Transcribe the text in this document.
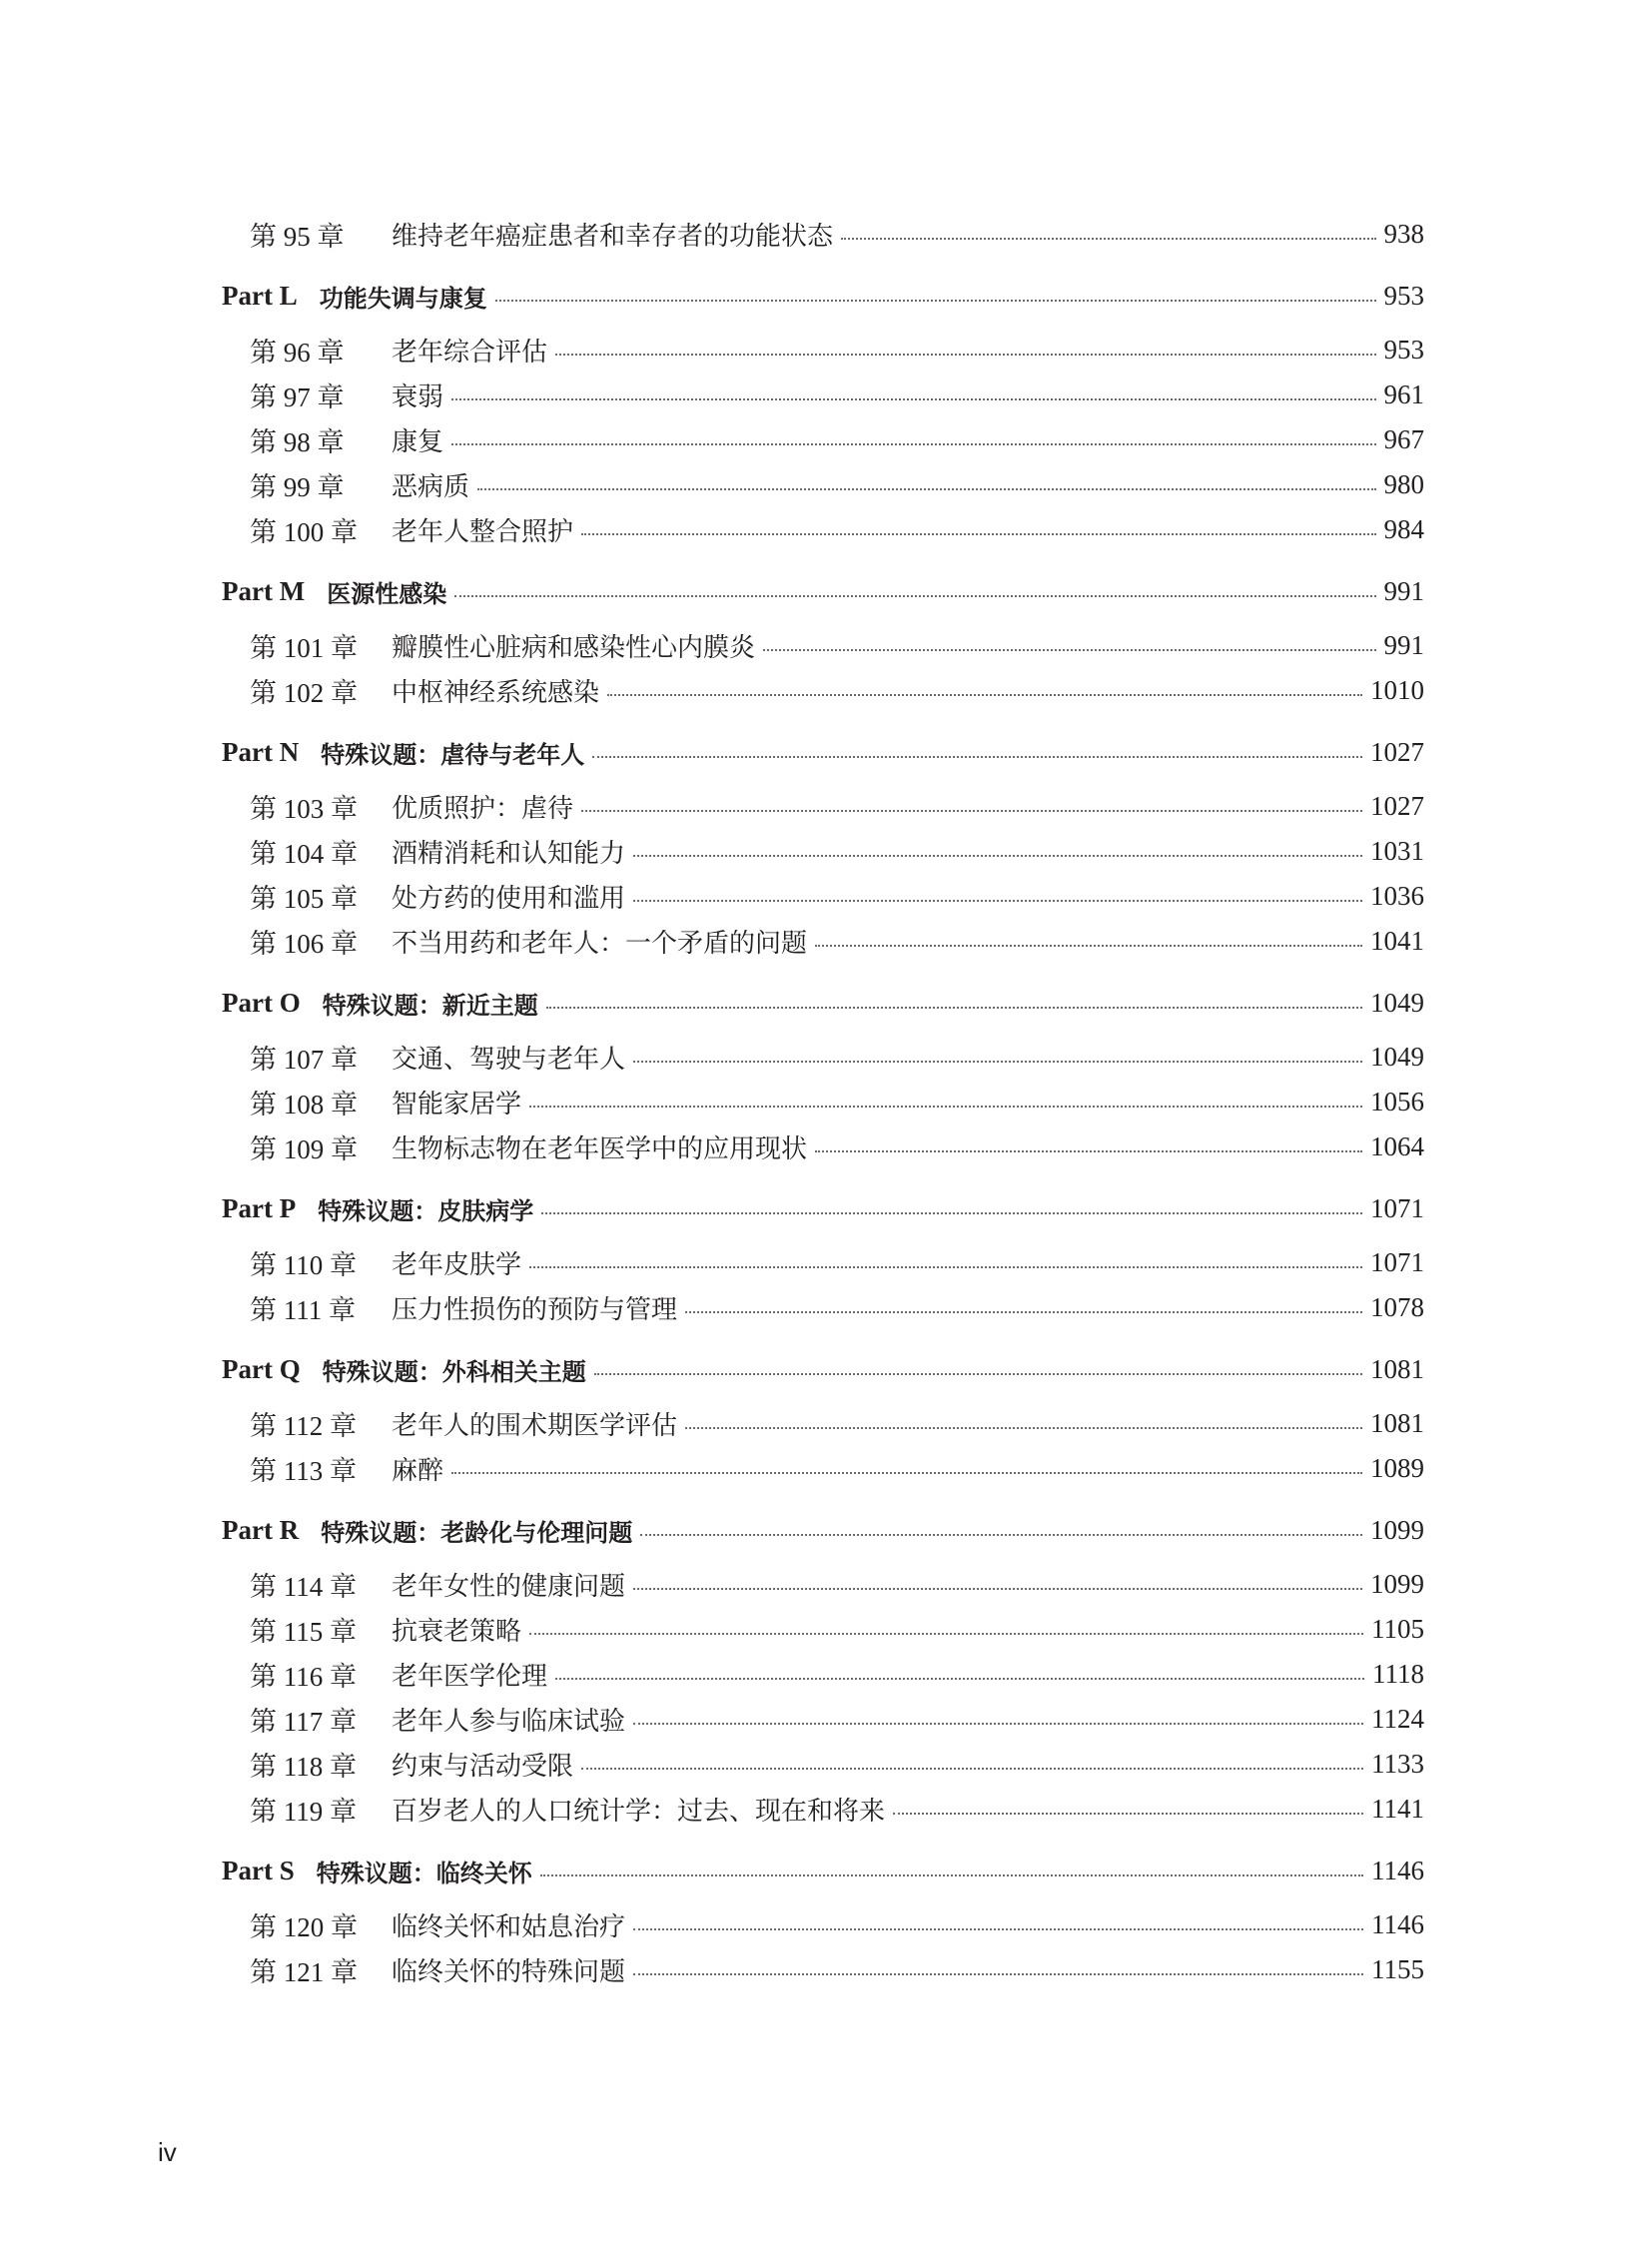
第 95 章	维持老年癌症患者和幸存者的功能状态	938
Part L 功能失调与康复	953
第 96 章	老年综合评估	953
第 97 章	衰弱	961
第 98 章	康复	967
第 99 章	恶病质	980
第 100 章	老年人整合照护	984
Part M 医源性感染	991
第 101 章	瓣膜性心脏病和感染性心内膜炎	991
第 102 章	中枢神经系统感染	1010
Part N 特殊议题：虐待与老年人	1027
第 103 章	优质照护：虐待	1027
第 104 章	酒精消耗和认知能力	1031
第 105 章	处方药的使用和滥用	1036
第 106 章	不当用药和老年人：一个矛盾的问题	1041
Part O 特殊议题：新近主题	1049
第 107 章	交通、驾驶与老年人	1049
第 108 章	智能家居学	1056
第 109 章	生物标志物在老年医学中的应用现状	1064
Part P 特殊议题：皮肤病学	1071
第 110 章	老年皮肤学	1071
第 111 章	压力性损伤的预防与管理	1078
Part Q 特殊议题：外科相关主题	1081
第 112 章	老年人的围术期医学评估	1081
第 113 章	麻醉	1089
Part R 特殊议题：老龄化与伦理问题	1099
第 114 章	老年女性的健康问题	1099
第 115 章	抗衰老策略	1105
第 116 章	老年医学伦理	1118
第 117 章	老年人参与临床试验	1124
第 118 章	约束与活动受限	1133
第 119 章	百岁老人的人口统计学：过去、现在和将来	1141
Part S 特殊议题：临终关怀	1146
第 120 章	临终关怀和姑息治疗	1146
第 121 章	临终关怀的特殊问题	1155
iv
